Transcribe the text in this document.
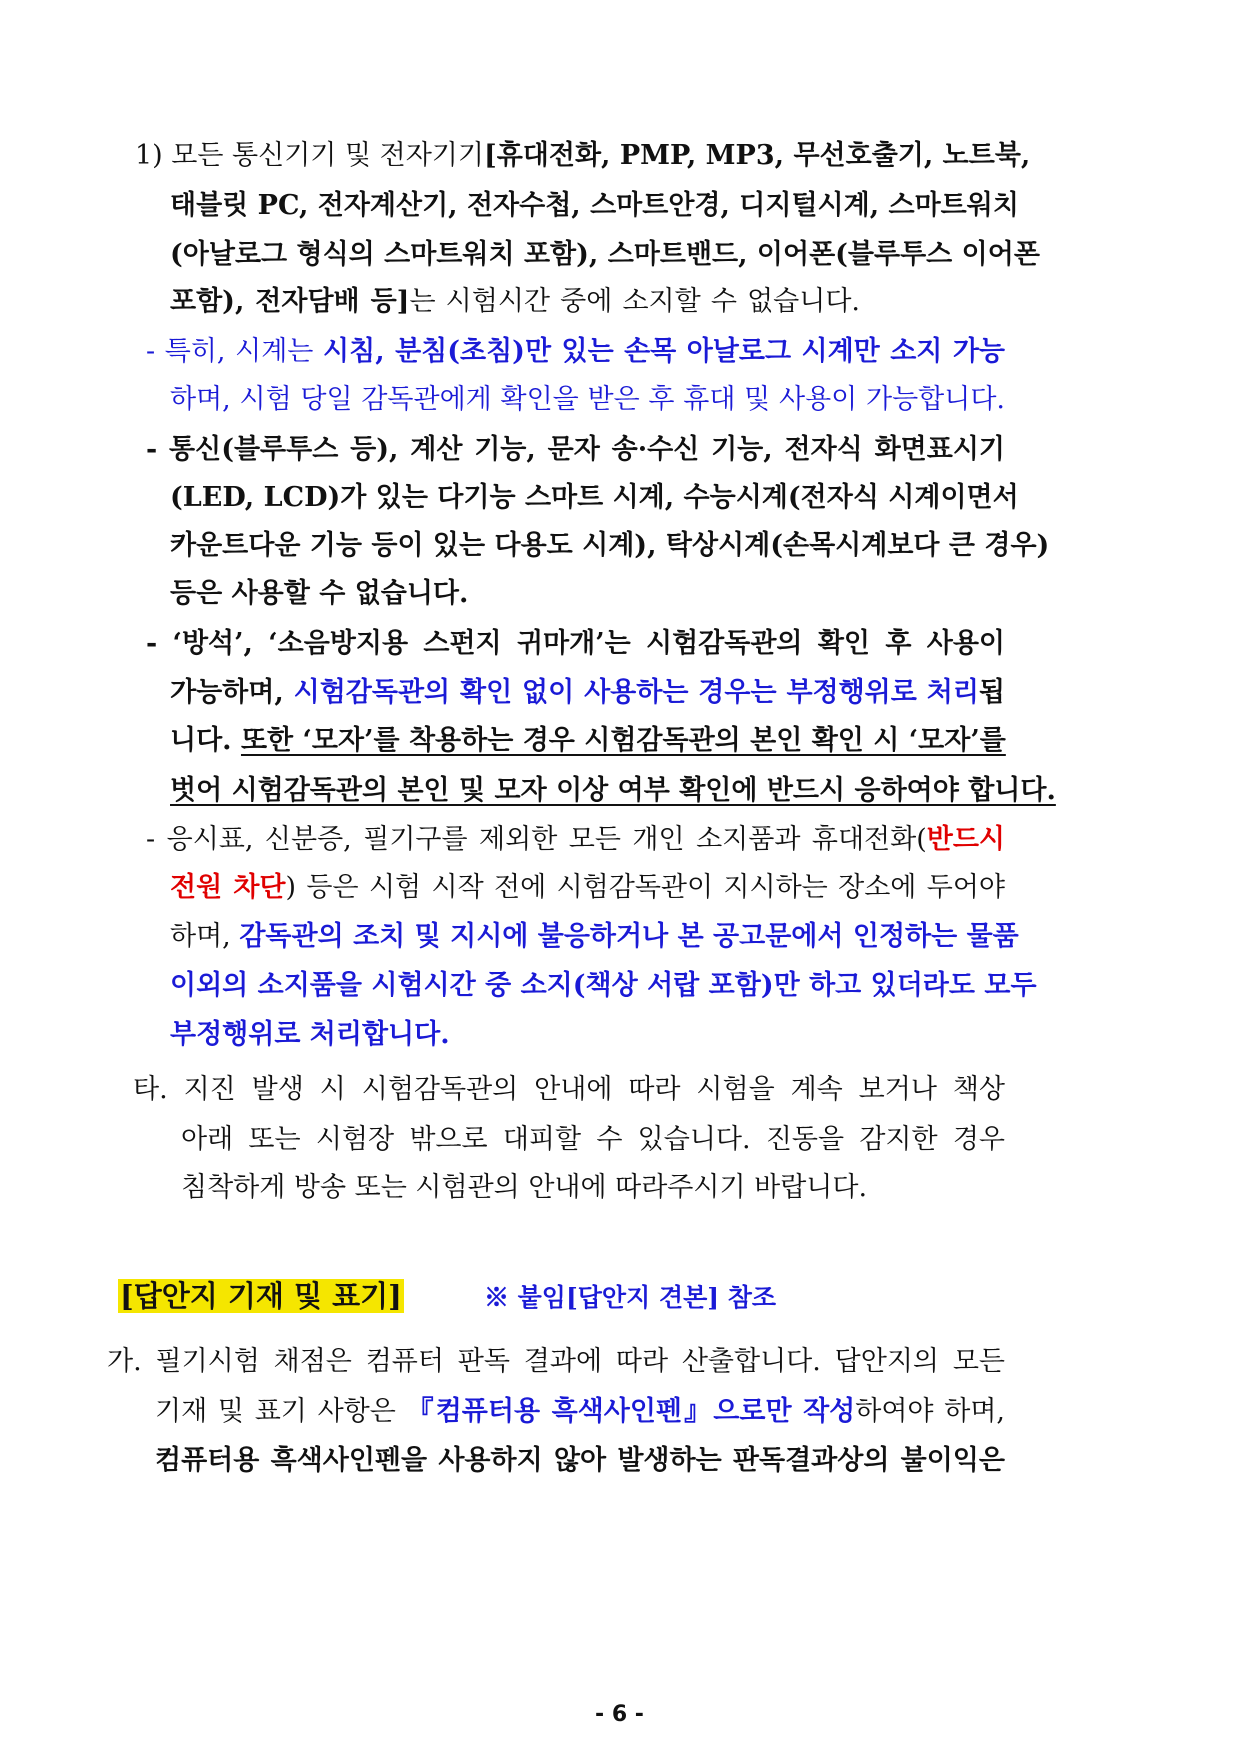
1) 모든 통신기기 및 전자기기[휴대전화, PMP, MP3, 무선호출기, 노트북,
태블릿 PC, 전자계산기, 전자수첩, 스마트안경, 디지털시계, 스마트워치
(아날로그 형식의 스마트워치 포함), 스마트밴드, 이어폰(블루투스 이어폰
포함), 전자담배 등]는 시험시간 중에 소지할 수 없습니다.
- 특히, 시계는 시침, 분침(초침)만 있는 손목 아날로그 시계만 소지 가능
하며, 시험 당일 감독관에게 확인을 받은 후 휴대 및 사용이 가능합니다.
- 통신(블루투스 등), 계산 기능, 문자 송·수신 기능, 전자식 화면표시기
(LED, LCD)가 있는 다기능 스마트 시계, 수능시계(전자식 시계이면서
카운트다운 기능 등이 있는 다용도 시계), 탁상시계(손목시계보다 큰 경우)
등은 사용할 수 없습니다.
- ‘방석’, ‘소음방지용 스펀지 귀마개’는 시험감독관의 확인 후 사용이
가능하며, 시험감독관의 확인 없이 사용하는 경우는 부정행위로 처리됩
니다. 또한 ‘모자’를 착용하는 경우 시험감독관의 본인 확인 시 ‘모자’를
벗어 시험감독관의 본인 및 모자 이상 여부 확인에 반드시 응하여야 합니다.
- 응시표, 신분증, 필기구를 제외한 모든 개인 소지품과 휴대전화(반드시
전원 차단) 등은 시험 시작 전에 시험감독관이 지시하는 장소에 두어야
하며, 감독관의 조치 및 지시에 불응하거나 본 공고문에서 인정하는 물품
이외의 소지품을 시험시간 중 소지(책상 서랍 포함)만 하고 있더라도 모두
부정행위로 처리합니다.
타. 지진 발생 시 시험감독관의 안내에 따라 시험을 계속 보거나 책상
아래 또는 시험장 밖으로 대피할 수 있습니다. 진동을 감지한 경우
침착하게 방송 또는 시험관의 안내에 따라주시기 바랍니다.
가. 필기시험 채점은 컴퓨터 판독 결과에 따라 산출합니다. 답안지의 모든
기재 및 표기 사항은 『컴퓨터용 흑색사인펜』으로만 작성하여야 하며,
컴퓨터용 흑색사인펜을 사용하지 않아 발생하는 판독결과상의 불이익은
[답안지 기재 및 표기]	※ 붙임[답안지 견본] 참조
- 6 -
